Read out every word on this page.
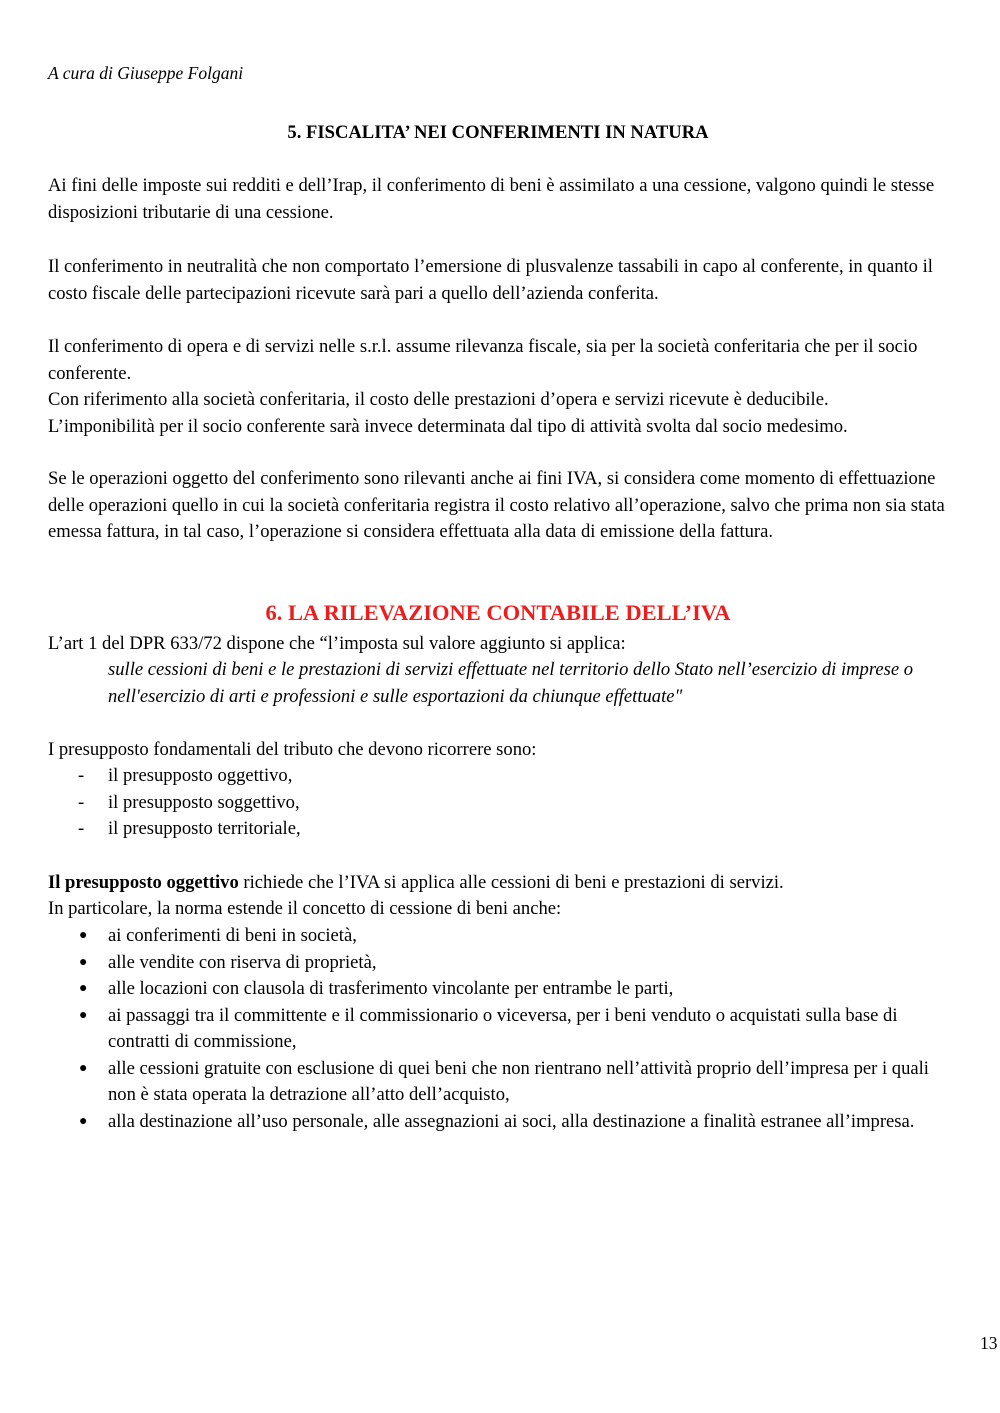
A cura di Giuseppe Folgani
5. FISCALITA’ NEI CONFERIMENTI IN NATURA

Ai fini delle imposte sui redditi e dell’Irap, il conferimento di beni è assimilato a una cessione, valgono quindi le stesse disposizioni tributarie di una cessione.

Il conferimento in neutralità che non comportato l’emersione di plusvalenze tassabili in capo al conferente, in quanto il costo fiscale delle partecipazioni ricevute sarà pari a quello dell’azienda conferita.

Il conferimento di opera e di servizi nelle s.r.l. assume rilevanza fiscale, sia per la società conferitaria che per il socio conferente.
Con riferimento alla società conferitaria, il costo delle prestazioni d’opera e servizi ricevute è deducibile.
L’imponibilità per il socio conferente sarà invece determinata dal tipo di attività svolta dal socio medesimo.

Se le operazioni oggetto del conferimento sono rilevanti anche ai fini IVA, si considera come momento di effettuazione delle operazioni quello in cui la società conferitaria registra il costo relativo all’operazione, salvo che prima non sia stata emessa fattura, in tal caso, l’operazione si considera effettuata alla data di emissione della fattura.

6. LA RILEVAZIONE CONTABILE DELL’IVA

L’art 1 del DPR 633/72 dispone che “l’imposta sul valore aggiunto si applica:

sulle cessioni di beni e le prestazioni di servizi effettuate nel territorio dello Stato nell’esercizio di imprese o nell'esercizio di arti e professioni e sulle esportazioni da chiunque effettuate"

I presupposto fondamentali del tributo che devono ricorrere sono:

- il presupposto oggettivo,
- il presupposto soggettivo,
- il presupposto territoriale,

Il presupposto oggettivo richiede che l’IVA si applica alle cessioni di beni e prestazioni di servizi.

In particolare, la norma estende il concetto di cessione di beni anche:

● ai conferimenti di beni in società,
● alle vendite con riserva di proprietà,
● alle locazioni con clausola di trasferimento vincolante per entrambe le parti,
● ai passaggi tra il committente e il commissionario o viceversa, per i beni venduto o acquistati sulla base di contratti di commissione,
● alle cessioni gratuite con esclusione di quei beni che non rientrano nell’attività proprio dell’impresa per i quali non è stata operata la detrazione all’atto dell’acquisto,
● alla destinazione all’uso personale, alle assegnazioni ai soci, alla destinazione a finalità estranee all’impresa.
13
